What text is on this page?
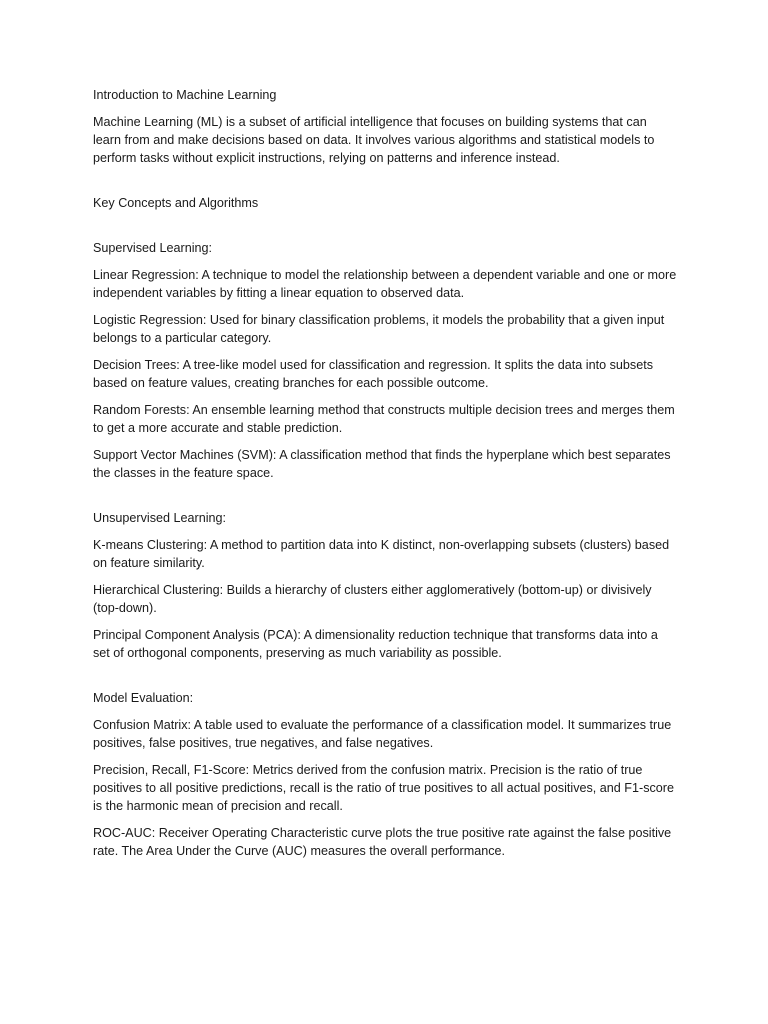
Introduction to Machine Learning

Machine Learning (ML) is a subset of artificial intelligence that focuses on building systems that can learn from and make decisions based on data. It involves various algorithms and statistical models to perform tasks without explicit instructions, relying on patterns and inference instead.

Key Concepts and Algorithms

Supervised Learning:

Linear Regression: A technique to model the relationship between a dependent variable and one or more independent variables by fitting a linear equation to observed data.

Logistic Regression: Used for binary classification problems, it models the probability that a given input belongs to a particular category.

Decision Trees: A tree-like model used for classification and regression. It splits the data into subsets based on feature values, creating branches for each possible outcome.

Random Forests: An ensemble learning method that constructs multiple decision trees and merges them to get a more accurate and stable prediction.

Support Vector Machines (SVM): A classification method that finds the hyperplane which best separates the classes in the feature space.

Unsupervised Learning:

K-means Clustering: A method to partition data into K distinct, non-overlapping subsets (clusters) based on feature similarity.

Hierarchical Clustering: Builds a hierarchy of clusters either agglomeratively (bottom-up) or divisively (top-down).

Principal Component Analysis (PCA): A dimensionality reduction technique that transforms data into a set of orthogonal components, preserving as much variability as possible.

Model Evaluation:

Confusion Matrix: A table used to evaluate the performance of a classification model. It summarizes true positives, false positives, true negatives, and false negatives.

Precision, Recall, F1-Score: Metrics derived from the confusion matrix. Precision is the ratio of true positives to all positive predictions, recall is the ratio of true positives to all actual positives, and F1-score is the harmonic mean of precision and recall.

ROC-AUC: Receiver Operating Characteristic curve plots the true positive rate against the false positive rate. The Area Under the Curve (AUC) measures the overall performance.
